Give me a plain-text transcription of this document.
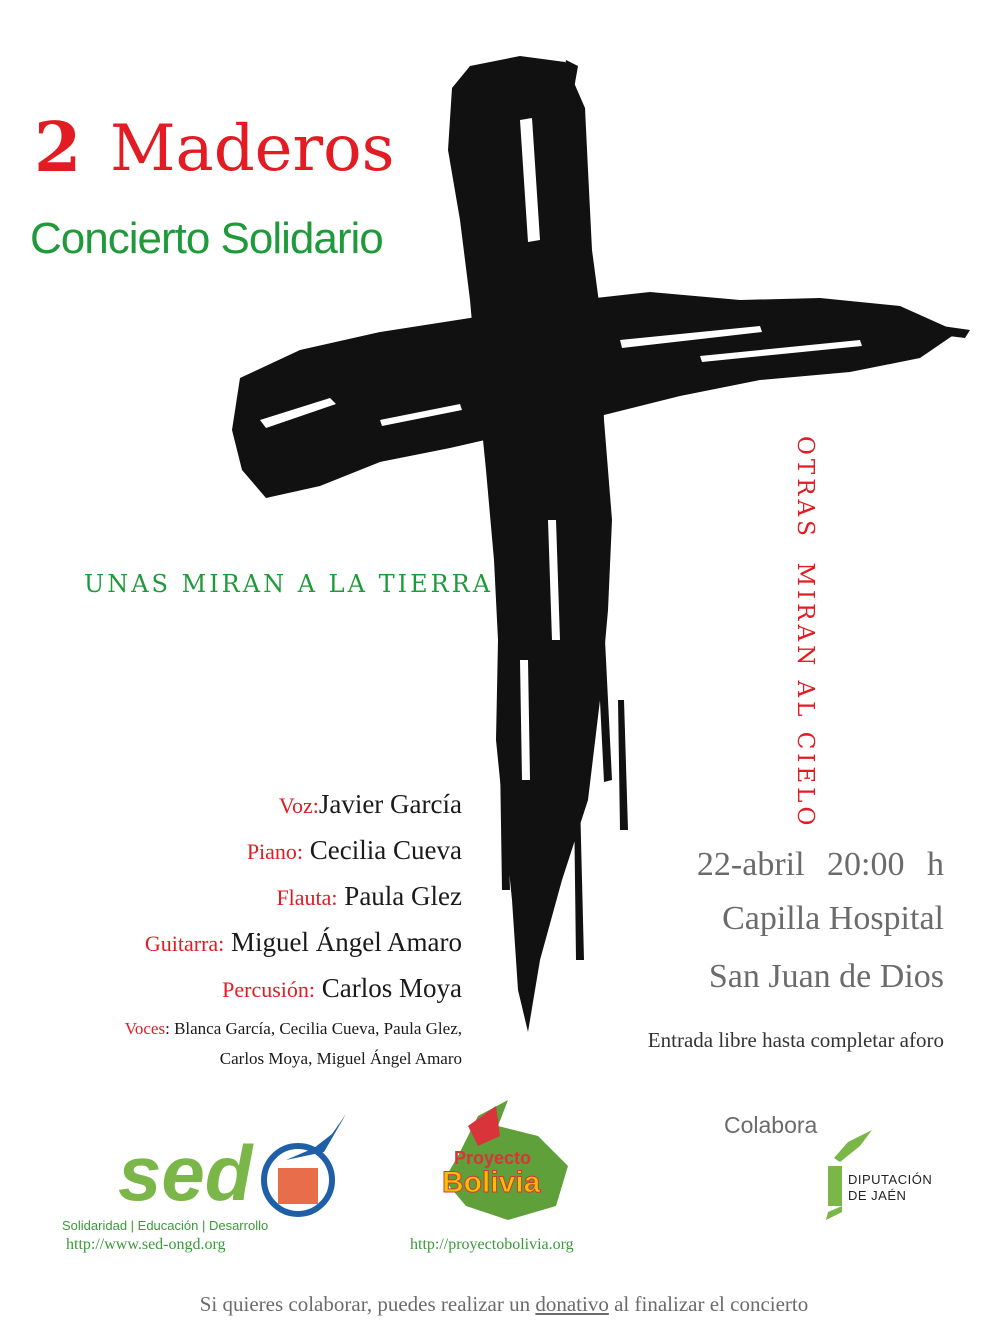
2 Maderos
Concierto Solidario
UNAS MIRAN A LA TIERRA	OTRAS  MIRAN AL CIELO
Voz:Javier García
Piano: Cecilia Cueva
Flauta: Paula Glez
Guitarra: Miguel Ángel Amaro
Percusión: Carlos Moya
Voces: Blanca García, Cecilia Cueva, Paula Glez,
Carlos Moya, Miguel Ángel Amaro
22-abril 20:00 h
Capilla Hospital
San Juan de Dios
Entrada libre hasta completar aforo
sed
Solidaridad | Educación | Desarrollo
http://www.sed-ongd.org
Proyecto
Bolivia
http://proyectobolivia.org
Colabora
DIPUTACIÓN
DE JAÉN
Si quieres colaborar, puedes realizar un donativo al finalizar el concierto
